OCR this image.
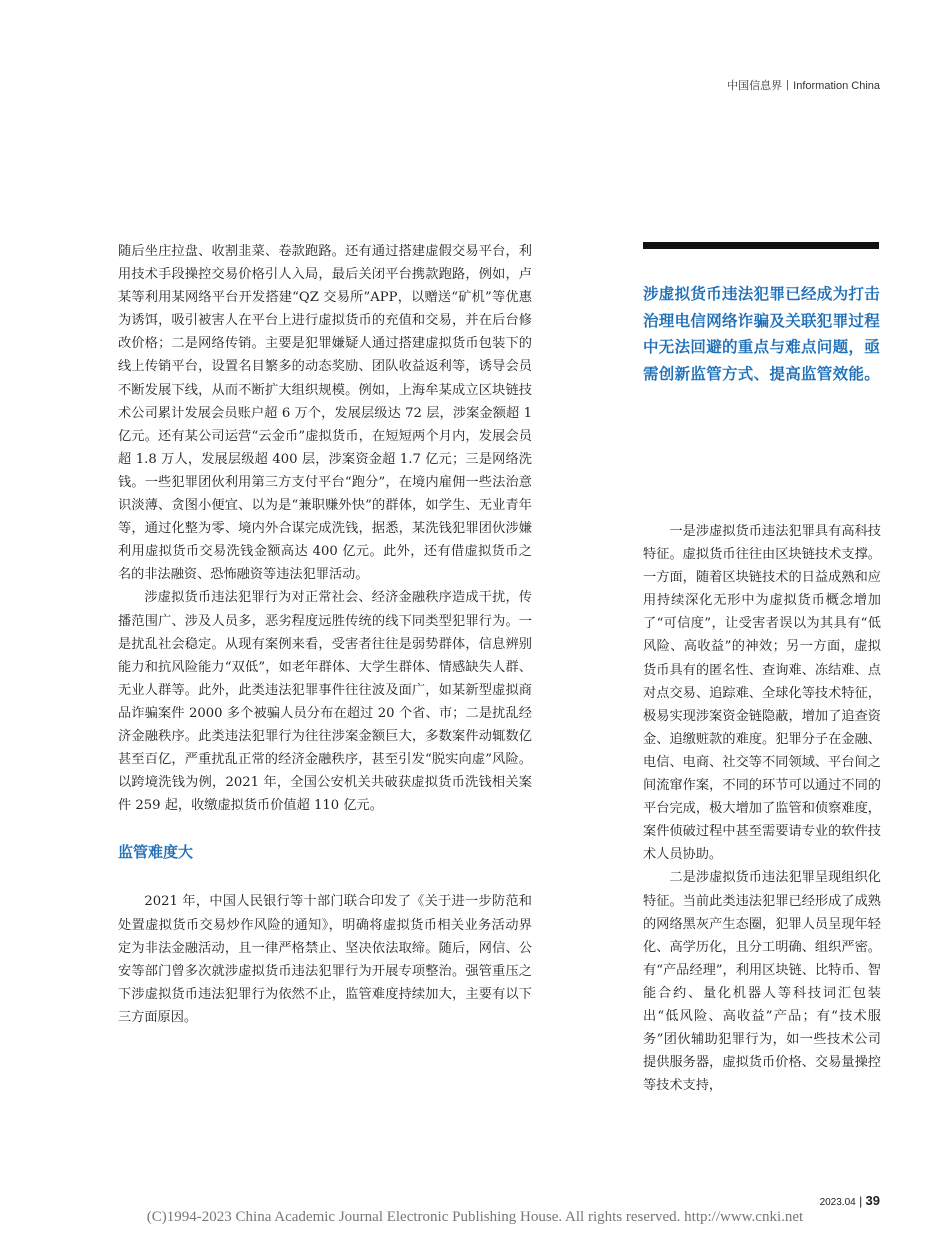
中国信息界丨Information China

随后坐庄拉盘、收割韭菜、卷款跑路。还有通过搭建虚假交易平台，利用技术手段操控交易价格引人入局，最后关闭平台携款跑路，例如，卢某等利用某网络平台开发搭建“QZ 交易所”APP，以赠送“矿机”等优惠为诱饵，吸引被害人在平台上进行虚拟货币的充值和交易，并在后台修改价格；二是网络传销。主要是犯罪嫌疑人通过搭建虚拟货币包装下的线上传销平台，设置名目繁多的动态奖励、团队收益返利等，诱导会员不断发展下线，从而不断扩大组织规模。例如，上海牟某成立区块链技术公司累计发展会员账户超 6 万个，发展层级达 72 层，涉案金额超 1 亿元。还有某公司运营“云金币”虚拟货币，在短短两个月内，发展会员超 1.8 万人，发展层级超 400 层，涉案资金超 1.7 亿元；三是网络洗钱。一些犯罪团伙利用第三方支付平台“跑分”，在境内雇佣一些法治意识淡薄、贪图小便宜、以为是“兼职赚外快”的群体，如学生、无业青年等，通过化整为零、境内外合谋完成洗钱，据悉，某洗钱犯罪团伙涉嫌利用虚拟货币交易洗钱金额高达 400 亿元。此外，还有借虚拟货币之名的非法融资、恐怖融资等违法犯罪活动。

涉虚拟货币违法犯罪行为对正常社会、经济金融秩序造成干扰，传播范围广、涉及人员多，恶劣程度远胜传统的线下同类型犯罪行为。一是扰乱社会稳定。从现有案例来看，受害者往往是弱势群体，信息辨别能力和抗风险能力“双低”，如老年群体、大学生群体、情感缺失人群、无业人群等。此外，此类违法犯罪事件往往波及面广，如某新型虚拟商品诈骗案件 2000 多个被骗人员分布在超过 20 个省、市；二是扰乱经济金融秩序。此类违法犯罪行为往往涉案金额巨大，多数案件动辄数亿甚至百亿，严重扰乱正常的经济金融秩序，甚至引发“脱实向虚”风险。以跨境洗钱为例，2021 年，全国公安机关共破获虚拟货币洗钱相关案件 259 起，收缴虚拟货币价值超 110 亿元。

监管难度大

2021 年，中国人民银行等十部门联合印发了《关于进一步防范和处置虚拟货币交易炒作风险的通知》，明确将虚拟货币相关业务活动界定为非法金融活动，且一律严格禁止、坚决依法取缔。随后，网信、公安等部门曾多次就涉虚拟货币违法犯罪行为开展专项整治。强管重压之下涉虚拟货币违法犯罪行为依然不止，监管难度持续加大，主要有以下三方面原因。

涉虚拟货币违法犯罪已经成为打击治理电信网络诈骗及关联犯罪过程中无法回避的重点与难点问题，亟需创新监管方式、提高监管效能。

一是涉虚拟货币违法犯罪具有高科技特征。虚拟货币往往由区块链技术支撑。一方面，随着区块链技术的日益成熟和应用持续深化无形中为虚拟货币概念增加了“可信度”，让受害者误以为其具有“低风险、高收益”的神效；另一方面，虚拟货币具有的匿名性、查询难、冻结难、点对点交易、追踪难、全球化等技术特征，极易实现涉案资金链隐蔽，增加了追查资金、追缴赃款的难度。犯罪分子在金融、电信、电商、社交等不同领域、平台间之间流窜作案，不同的环节可以通过不同的平台完成，极大增加了监管和侦察难度，案件侦破过程中甚至需要请专业的软件技术人员协助。

二是涉虚拟货币违法犯罪呈现组织化特征。当前此类违法犯罪已经形成了成熟的网络黑灰产生态圈，犯罪人员呈现年轻化、高学历化，且分工明确、组织严密。有“产品经理”，利用区块链、比特币、智能合约、量化机器人等科技词汇包装出“低风险、高收益”产品；有“技术服务”团伙辅助犯罪行为，如一些技术公司提供服务器，虚拟货币价格、交易量操控等技术支持，

2023.04 | 39
(C)1994-2023 China Academic Journal Electronic Publishing House. All rights reserved. http://www.cnki.net
